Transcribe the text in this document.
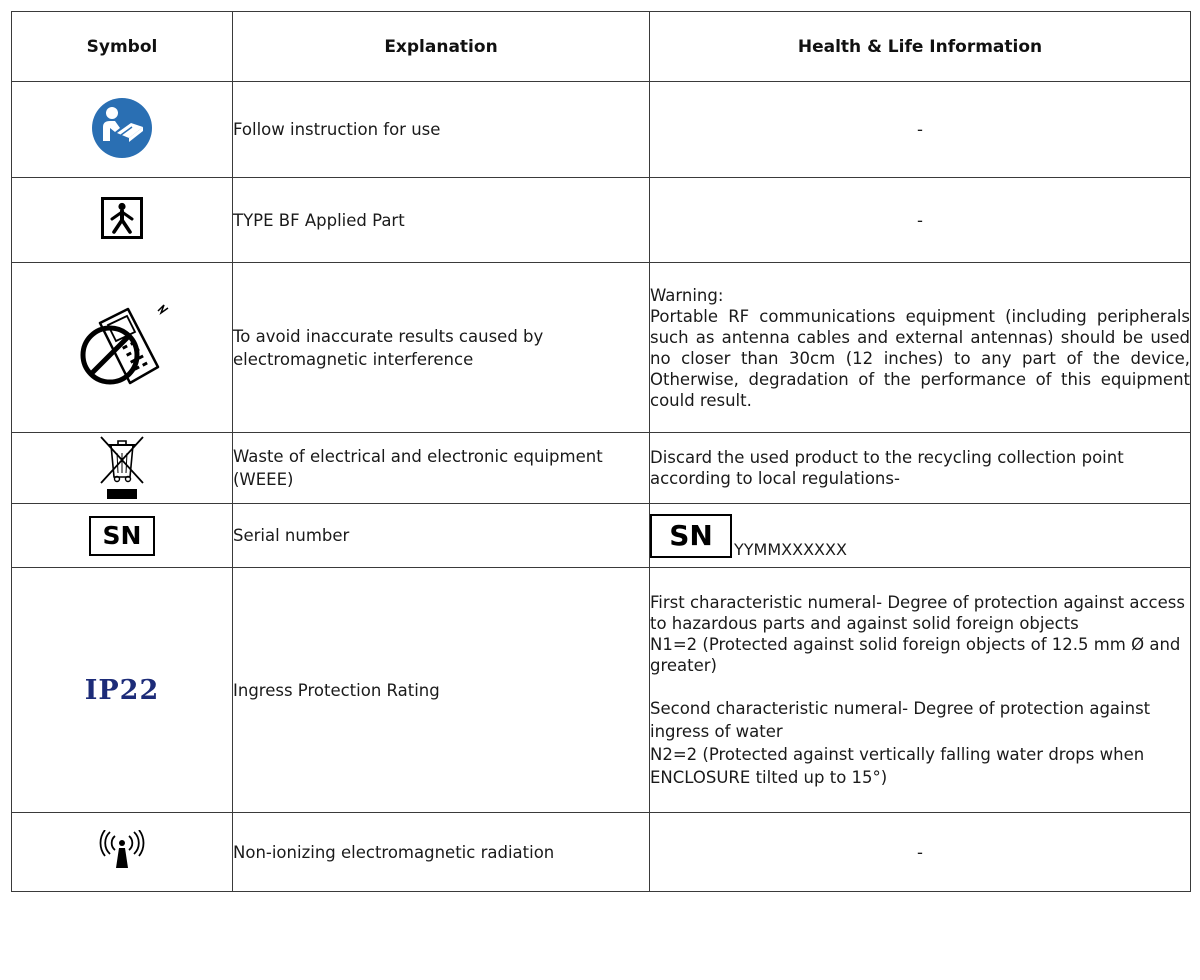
Symbol	Explanation	Health & Life Information
	Follow instruction for use	-
	TYPE BF Applied Part	-
	To avoid inaccurate results caused by electromagnetic interference	Warning:
Portable RF communications equipment (including peripherals such as antenna cables and external antennas) should be used no closer than 30cm (12 inches) to any part of the device, Otherwise, degradation of the performance of this equipment could result.

	Waste of electrical and electronic equipment (WEEE)	Discard the used product to the recycling collection point according to local regulations-
SN	Serial number	SN YYMMXXXXXX

IP22	Ingress Protection Rating	First characteristic numeral- Degree of protection against access to hazardous parts and against solid foreign objects
N1=2 (Protected against solid foreign objects of 12.5 mm Ø and greater)
Second characteristic numeral- Degree of protection against ingress of water
N2=2 (Protected against vertically falling water drops when ENCLOSURE tilted up to 15°)

	Non-ionizing electromagnetic radiation	-
